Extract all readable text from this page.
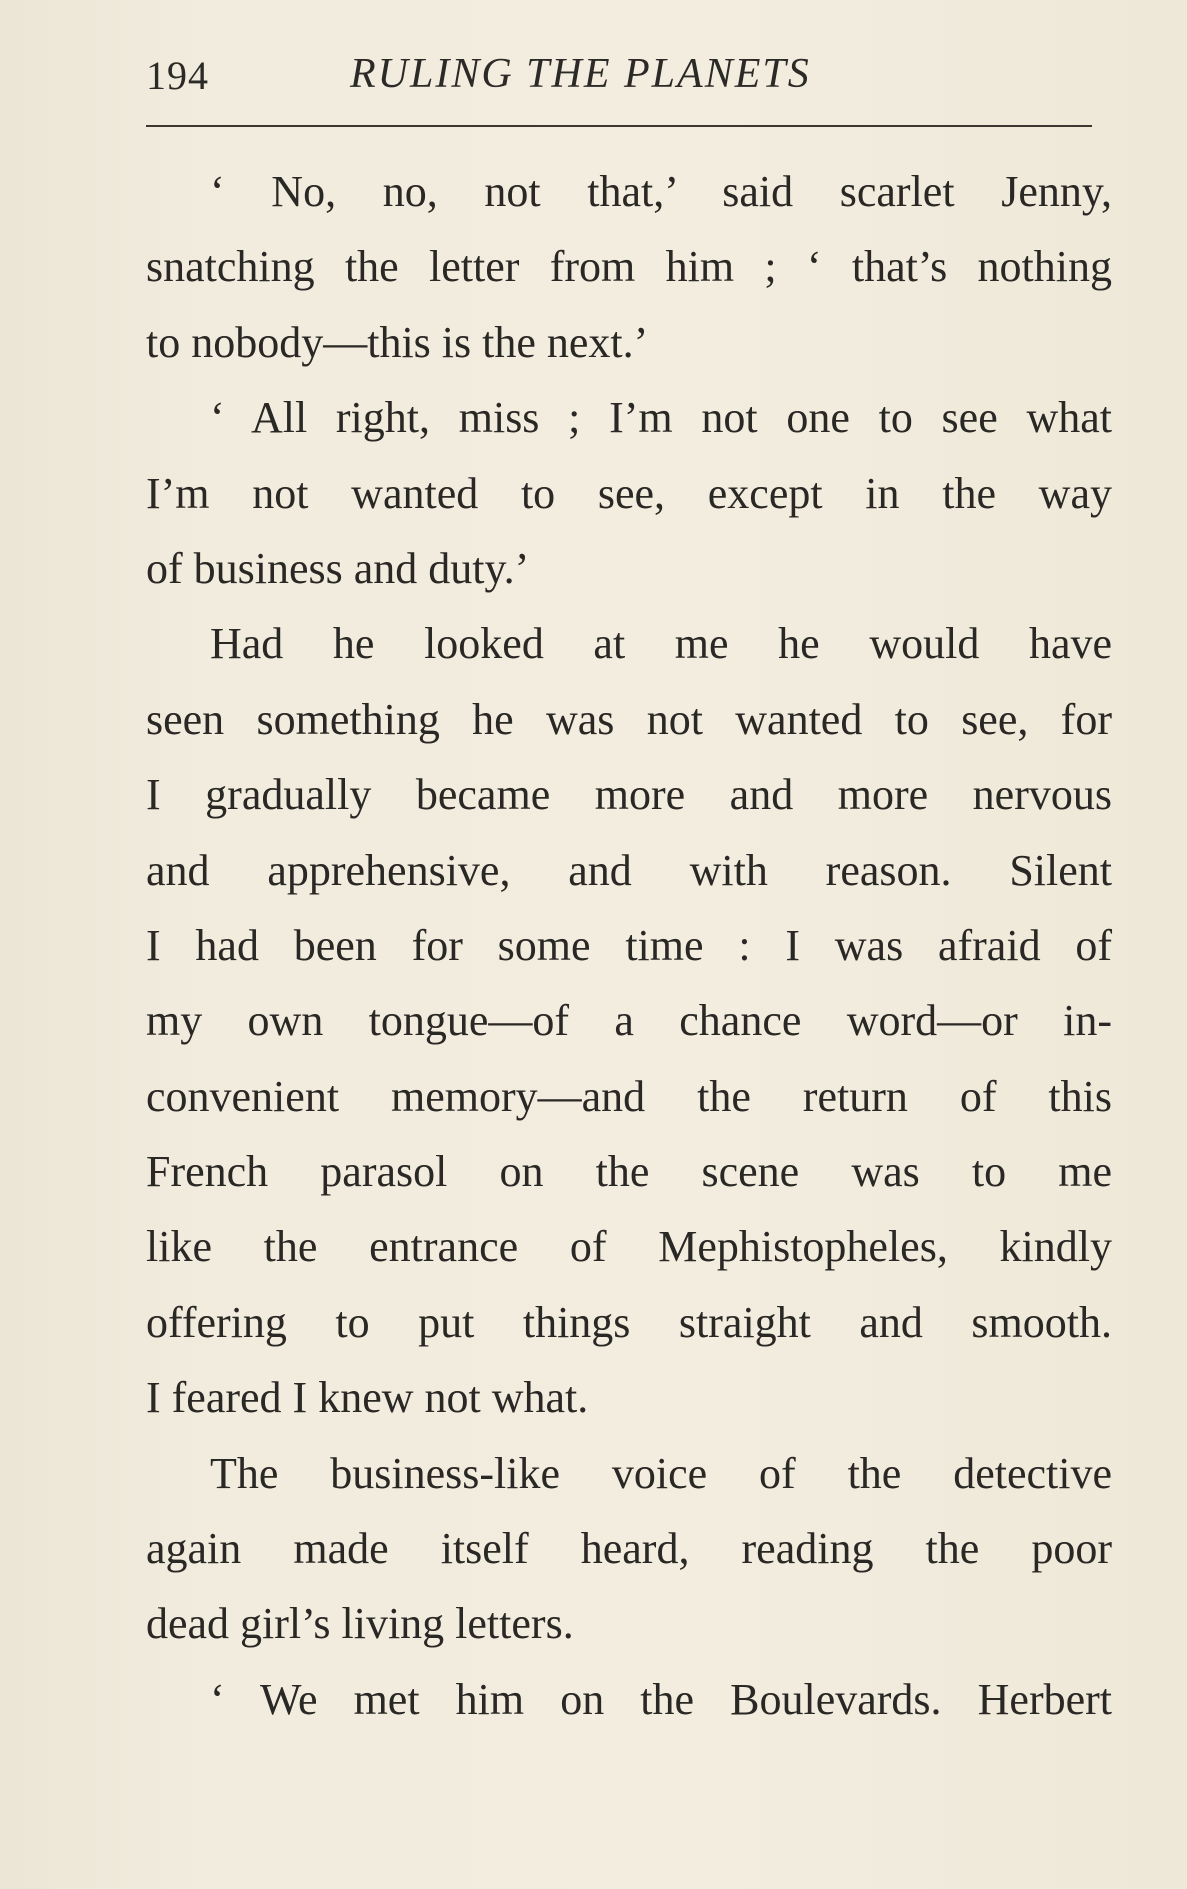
194	RULING THE PLANETS
‘ No, no, not that,’ said scarlet Jenny,
snatching the letter from him ; ‘ that’s nothing
to nobody—this is the next.’
‘ All right, miss ; I’m not one to see what
I’m not wanted to see, except in the way
of business and duty.’
Had he looked at me he would have
seen something he was not wanted to see, for
I gradually became more and more nervous
and apprehensive, and with reason. Silent
I had been for some time : I was afraid of
my own tongue—of a chance word—or in-
convenient memory—and the return of this
French parasol on the scene was to me
like the entrance of Mephistopheles, kindly
offering to put things straight and smooth.
I feared I knew not what.
The business-like voice of the detective
again made itself heard, reading the poor
dead girl’s living letters.
‘ We met him on the Boulevards. Herbert
